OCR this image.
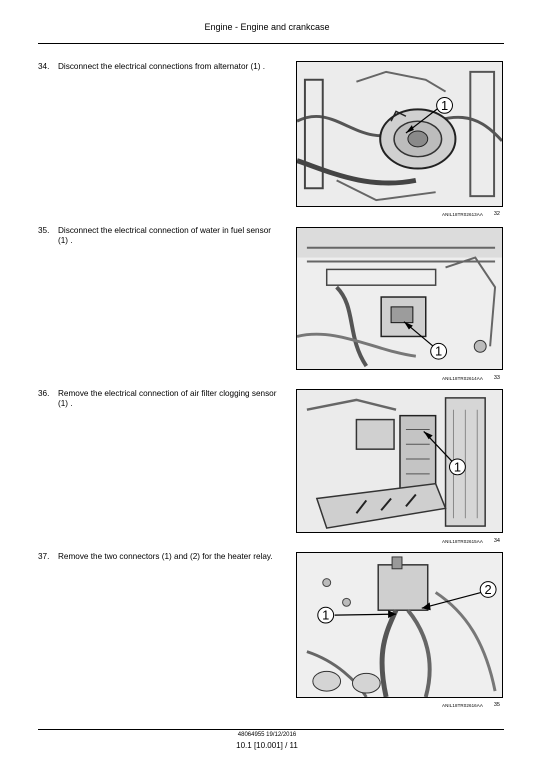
Engine - Engine and crankcase
34. Disconnect the electrical connections from alternator (1) .
1
ANIL18TR02613AA 32
35. Disconnect the electrical connection of water in fuel sensor (1) .
1
ANIL18TR02614AA 33
36. Remove the electrical connection of air filter clogging sensor (1) .
1
ANIL18TR02615AA 34
37. Remove the two connectors (1) and (2) for the heater relay.
1
2
ANIL18TR02616AA 35
48064955 19/12/2016
10.1 [10.001] / 11
